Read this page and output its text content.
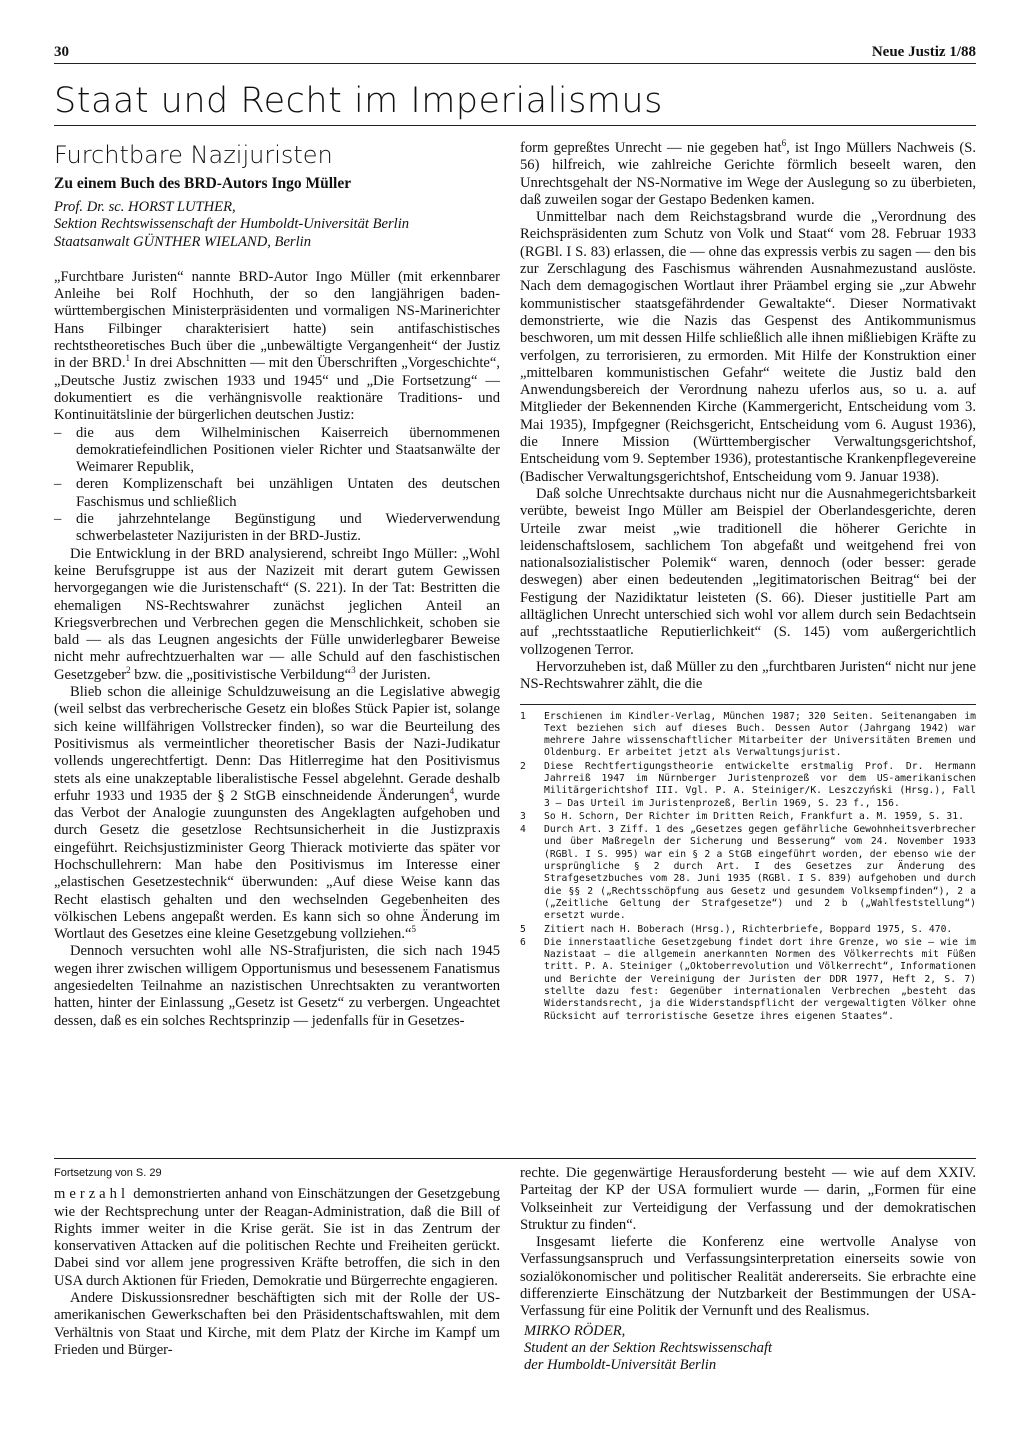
30	Neue Justiz 1/88
Staat und Recht im Imperialismus
Furchtbare Nazijuristen
Zu einem Buch des BRD-Autors Ingo Müller
Prof. Dr. sc. HORST LUTHER,
Sektion Rechtswissenschaft der Humboldt-Universität Berlin
Staatsanwalt GÜNTHER WIELAND, Berlin

„Furchtbare Juristen“ nannte BRD-Autor Ingo Müller (mit erkennbarer Anleihe bei Rolf Hochhuth, der so den langjährigen baden-württembergischen Ministerpräsidenten und vormaligen NS-Marinerichter Hans Filbinger charakterisiert hatte) sein antifaschistisches rechtstheoretisches Buch über die „unbewältigte Vergangenheit“ der Justiz in der BRD.$^1$ In drei Abschnitten — mit den Überschriften „Vorgeschichte“, „Deutsche Justiz zwischen 1933 und 1945“ und „Die Fortsetzung“ — dokumentiert es die verhängnisvolle reaktionäre Traditions- und Kontinuitätslinie der bürgerlichen deutschen Justiz:

– die aus dem Wilhelminischen Kaiserreich übernommenen demokratiefeindlichen Positionen vieler Richter und Staatsanwälte der Weimarer Republik,
– deren Komplizenschaft bei unzähligen Untaten des deutschen Faschismus und schließlich
– die jahrzehntelange Begünstigung und Wiederverwendung schwerbelasteter Nazijuristen in der BRD-Justiz.

Die Entwicklung in der BRD analysierend, schreibt Ingo Müller: „Wohl keine Berufsgruppe ist aus der Nazizeit mit derart gutem Gewissen hervorgegangen wie die Juristenschaft“ (S. 221). In der Tat: Bestritten die ehemaligen NS-Rechtswahrer zunächst jeglichen Anteil an Kriegsverbrechen und Verbrechen gegen die Menschlichkeit, schoben sie bald — als das Leugnen angesichts der Fülle unwiderlegbarer Beweise nicht mehr aufrechtzuerhalten war — alle Schuld auf den faschistischen Gesetzgeber$^2$ bzw. die „positivistische Verbildung“$^3$ der Juristen.

Blieb schon die alleinige Schuldzuweisung an die Legislative abwegig (weil selbst das verbrecherische Gesetz ein bloßes Stück Papier ist, solange sich keine willfährigen Vollstrecker finden), so war die Beurteilung des Positivismus als vermeintlicher theoretischer Basis der Nazi-Judikatur vollends ungerechtfertigt. Denn: Das Hitlerregime hat den Positivismus stets als eine unakzeptable liberalistische Fessel abgelehnt. Gerade deshalb erfuhr 1933 und 1935 der § 2 StGB einschneidende Änderungen$^4$, wurde das Verbot der Analogie zuungunsten des Angeklagten aufgehoben und durch Gesetz die gesetzlose Rechtsunsicherheit in die Justizpraxis eingeführt. Reichsjustizminister Georg Thierack motivierte das später vor Hochschullehrern: Man habe den Positivismus im Interesse einer „elastischen Gesetzestechnik“ überwunden: „Auf diese Weise kann das Recht elastisch gehalten und den wechselnden Gegebenheiten des völkischen Lebens angepaßt werden. Es kann sich so ohne Änderung im Wortlaut des Gesetzes eine kleine Gesetzgebung vollziehen.“$^5$

Dennoch versuchten wohl alle NS-Strafjuristen, die sich nach 1945 wegen ihrer zwischen willigem Opportunismus und besessenem Fanatismus angesiedelten Teilnahme an nazistischen Unrechtsakten zu verantworten hatten, hinter der Einlassung „Gesetz ist Gesetz“ zu verbergen. Ungeachtet dessen, daß es ein solches Rechtsprinzip — jedenfalls für in Gesetzes-

form gepreßtes Unrecht — nie gegeben hat$^6$, ist Ingo Müllers Nachweis (S. 56) hilfreich, wie zahlreiche Gerichte förmlich beseelt waren, den Unrechtsgehalt der NS-Normative im Wege der Auslegung so zu überbieten, daß zuweilen sogar der Gestapo Bedenken kamen.

Unmittelbar nach dem Reichstagsbrand wurde die „Verordnung des Reichspräsidenten zum Schutz von Volk und Staat“ vom 28. Februar 1933 (RGBl. I S. 83) erlassen, die — ohne das expressis verbis zu sagen — den bis zur Zerschlagung des Faschismus währenden Ausnahmezustand auslöste. Nach dem demagogischen Wortlaut ihrer Präambel erging sie „zur Abwehr kommunistischer staatsgefährdender Gewaltakte“. Dieser Normativakt demonstrierte, wie die Nazis das Gespenst des Antikommunismus beschworen, um mit dessen Hilfe schließlich alle ihnen mißliebigen Kräfte zu verfolgen, zu terrorisieren, zu ermorden. Mit Hilfe der Konstruktion einer „mittelbaren kommunistischen Gefahr“ weitete die Justiz bald den Anwendungsbereich der Verordnung nahezu uferlos aus, so u. a. auf Mitglieder der Bekennenden Kirche (Kammergericht, Entscheidung vom 3. Mai 1935), Impfgegner (Reichsgericht, Entscheidung vom 6. August 1936), die Innere Mission (Württembergischer Verwaltungsgerichtshof, Entscheidung vom 9. September 1936), protestantische Krankenpflegevereine (Badischer Verwaltungsgerichtshof, Entscheidung vom 9. Januar 1938).

Daß solche Unrechtsakte durchaus nicht nur die Ausnahmegerichtsbarkeit verübte, beweist Ingo Müller am Beispiel der Oberlandesgerichte, deren Urteile zwar meist „wie traditionell die höherer Gerichte in leidenschaftslosem, sachlichem Ton abgefaßt und weitgehend frei von nationalsozialistischer Polemik“ waren, dennoch (oder besser: gerade deswegen) aber einen bedeutenden „legitimatorischen Beitrag“ bei der Festigung der Nazidiktatur leisteten (S. 66). Dieser justitielle Part am alltäglichen Unrecht unterschied sich wohl vor allem durch sein Bedachtsein auf „rechtsstaatliche Reputierlichkeit“ (S. 145) vom außergerichtlich vollzogenen Terror.

Hervorzuheben ist, daß Müller zu den „furchtbaren Juristen“ nicht nur jene NS-Rechtswahrer zählt, die die

1	Erschienen im Kindler-Verlag, München 1987; 320 Seiten. Seitenangaben im Text beziehen sich auf dieses Buch. Dessen Autor (Jahrgang 1942) war mehrere Jahre wissenschaftlicher Mitarbeiter der Universitäten Bremen und Oldenburg. Er arbeitet jetzt als Verwaltungsjurist.
2	Diese Rechtfertigungstheorie entwickelte erstmalig Prof. Dr. Hermann Jahrreiß 1947 im Nürnberger Juristenprozeß vor dem US-amerikanischen Militärgerichtshof III. Vgl. P. A. Steiniger/K. Leszczyński (Hrsg.), Fall 3 – Das Urteil im Juristenprozeß, Berlin 1969, S. 23 f., 156.
3	So H. Schorn, Der Richter im Dritten Reich, Frankfurt a. M. 1959, S. 31.
4	Durch Art. 3 Ziff. 1 des „Gesetzes gegen gefährliche Gewohnheitsverbrecher und über Maßregeln der Sicherung und Besserung“ vom 24. November 1933 (RGBl. I S. 995) war ein § 2 a StGB eingeführt worden, der ebenso wie der ursprüngliche § 2 durch Art. I des Gesetzes zur Änderung des Strafgesetzbuches vom 28. Juni 1935 (RGBl. I S. 839) aufgehoben und durch die §§ 2 („Rechtsschöpfung aus Gesetz und gesundem Volksempfinden“), 2 a („Zeitliche Geltung der Strafgesetze“) und 2 b („Wahlfeststellung“) ersetzt wurde.
5	Zitiert nach H. Boberach (Hrsg.), Richterbriefe, Boppard 1975, S. 470.
6	Die innerstaatliche Gesetzgebung findet dort ihre Grenze, wo sie – wie im Nazistaat – die allgemein anerkannten Normen des Völkerrechts mit Füßen tritt. P. A. Steiniger („Oktoberrevolution und Völkerrecht“, Informationen und Berichte der Vereinigung der Juristen der DDR 1977, Heft 2, S. 7) stellte dazu fest: Gegenüber internationalen Verbrechen „besteht das Widerstandsrecht, ja die Widerstandspflicht der vergewaltigten Völker ohne Rücksicht auf terroristische Gesetze ihres eigenen Staates“.
Fortsetzung von S. 29

merzahl demonstrierten anhand von Einschätzungen der Gesetzgebung wie der Rechtsprechung unter der Reagan-Administration, daß die Bill of Rights immer weiter in die Krise gerät. Sie ist in das Zentrum der konservativen Attacken auf die politischen Rechte und Freiheiten gerückt. Dabei sind vor allem jene progressiven Kräfte betroffen, die sich in den USA durch Aktionen für Frieden, Demokratie und Bürgerrechte engagieren.

Andere Diskussionsredner beschäftigten sich mit der Rolle der US-amerikanischen Gewerkschaften bei den Präsidentschaftswahlen, mit dem Verhältnis von Staat und Kirche, mit dem Platz der Kirche im Kampf um Frieden und Bürger-

rechte. Die gegenwärtige Herausforderung besteht — wie auf dem XXIV. Parteitag der KP der USA formuliert wurde — darin, „Formen für eine Volkseinheit zur Verteidigung der Verfassung und der demokratischen Struktur zu finden“.

Insgesamt lieferte die Konferenz eine wertvolle Analyse von Verfassungsanspruch und Verfassungsinterpretation einerseits sowie von sozialökonomischer und politischer Realität andererseits. Sie erbrachte eine differenzierte Einschätzung der Nutzbarkeit der Bestimmungen der USA-Verfassung für eine Politik der Vernunft und des Realismus.

MIRKO RÖDER,
Student an der Sektion Rechtswissenschaft
der Humboldt-Universität Berlin
